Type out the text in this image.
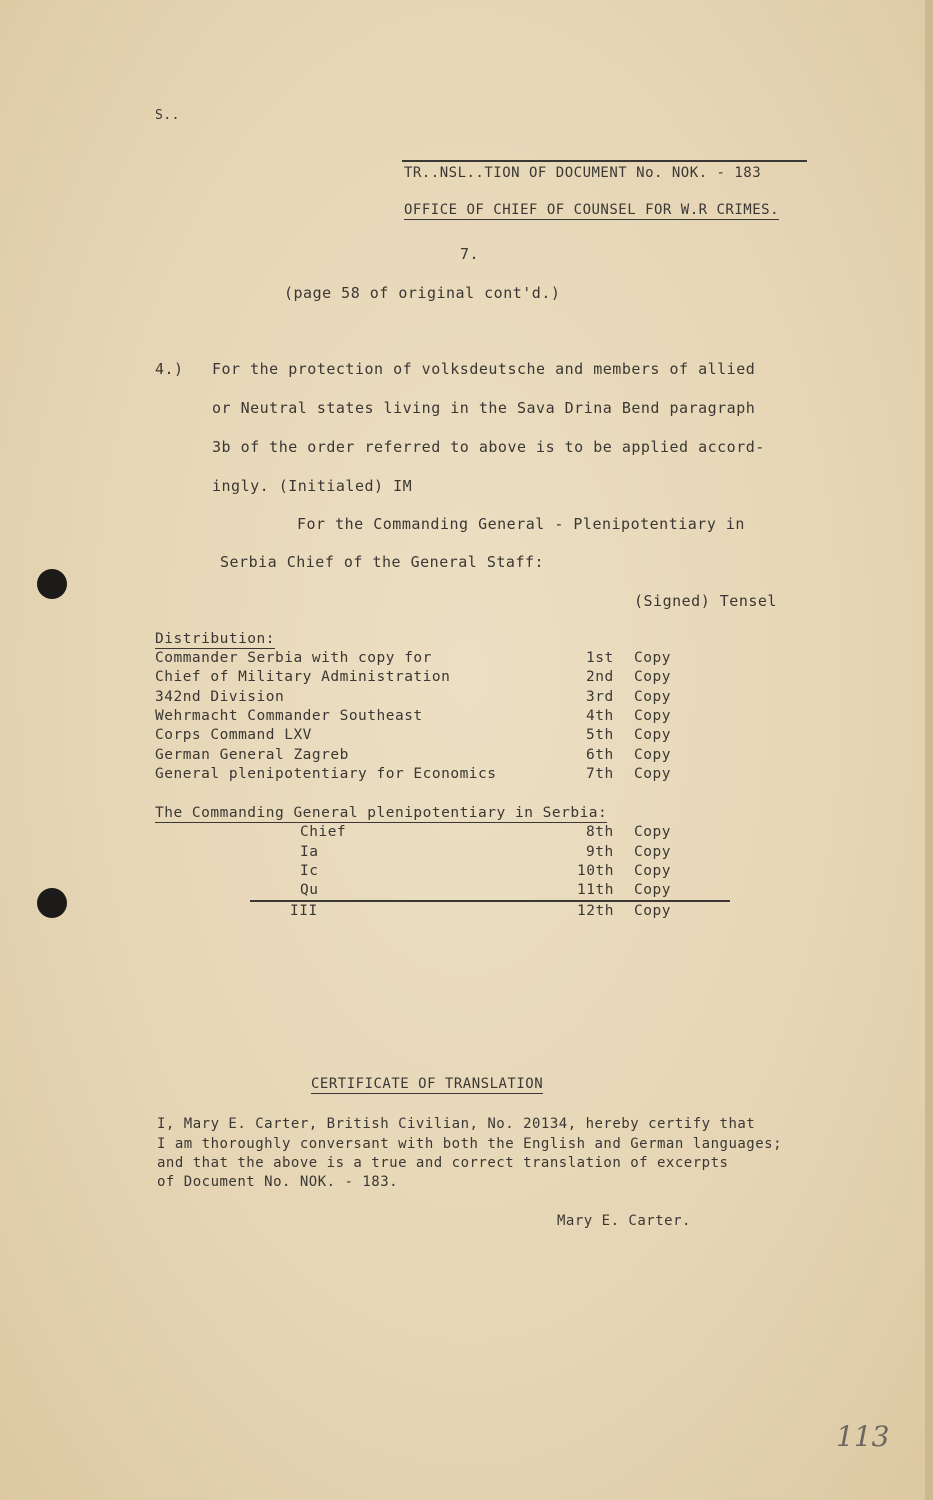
S..
TR..NSL..TION OF DOCUMENT No. NOK. - 183
OFFICE OF CHIEF OF COUNSEL FOR W.R CRIMES.
7.
(page 58 of original cont'd.)
4.) For the protection of volksdeutsche and members of allied
or Neutral states living in the Sava Drina Bend paragraph
3b of the order referred to above is to be applied accord-
ingly. (Initialed) IM
For the Commanding General - Plenipotentiary in
Serbia Chief of the General Staff:
(Signed) Tensel
Distribution:
Commander Serbia with copy for	1st Copy
Chief of Military Administration	2nd Copy
342nd Division	3rd Copy
Wehrmacht Commander Southeast	4th Copy
Corps Command LXV	5th Copy
German General Zagreb	6th Copy
General plenipotentiary for Economics	7th Copy
The Commanding General plenipotentiary in Serbia:
Chief	8th Copy
Ia	9th Copy
Ic	10th Copy
Qu	11th Copy
III	12th Copy
CERTIFICATE OF TRANSLATION
I, Mary E. Carter, British Civilian, No. 20134, hereby certify that
I am thoroughly conversant with both the English and German languages;
and that the above is a true and correct translation of excerpts
of Document No. NOK. - 183.
Mary E. Carter.
113
